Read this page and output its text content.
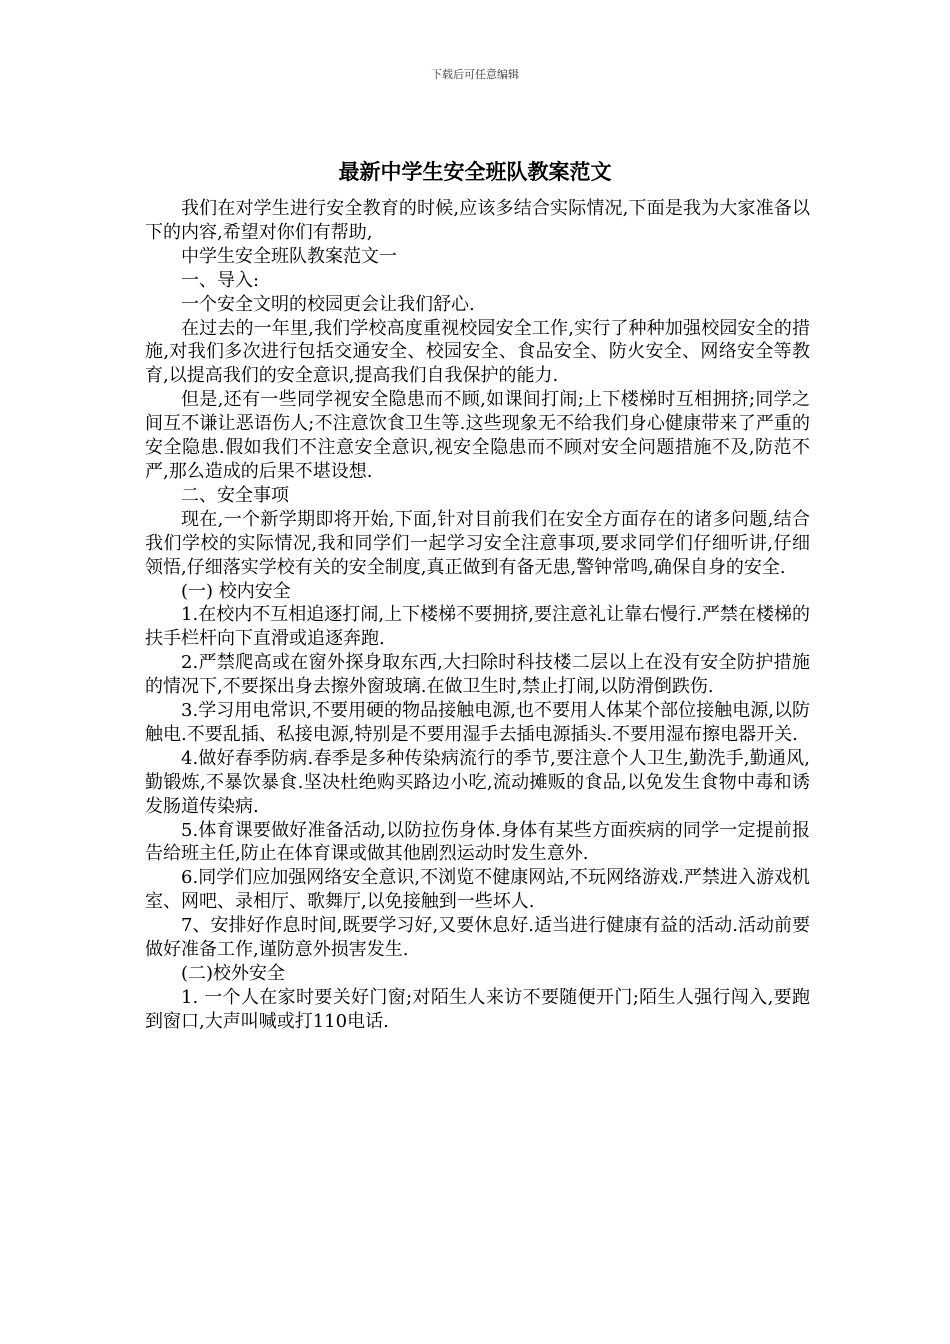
下载后可任意编辑
最新中学生安全班队教案范文

我们在对学生进行安全教育的时候,应该多结合实际情况,下面是我为大家准备以下的内容,希望对你们有帮助,

中学生安全班队教案范文一

一、导入:

一个安全文明的校园更会让我们舒心.

在过去的一年里,我们学校高度重视校园安全工作,实行了种种加强校园安全的措施,对我们多次进行包括交通安全、校园安全、食品安全、防火安全、网络安全等教育,以提高我们的安全意识,提高我们自我保护的能力.

但是,还有一些同学视安全隐患而不顾,如课间打闹;上下楼梯时互相拥挤;同学之间互不谦让恶语伤人;不注意饮食卫生等.这些现象无不给我们身心健康带来了严重的安全隐患.假如我们不注意安全意识,视安全隐患而不顾对安全问题措施不及,防范不严,那么造成的后果不堪设想.

二、安全事项

现在,一个新学期即将开始,下面,针对目前我们在安全方面存在的诸多问题,结合我们学校的实际情况,我和同学们一起学习安全注意事项,要求同学们仔细听讲,仔细领悟,仔细落实学校有关的安全制度,真正做到有备无患,警钟常鸣,确保自身的安全.

(一) 校内安全

1.在校内不互相追逐打闹,上下楼梯不要拥挤,要注意礼让靠右慢行.严禁在楼梯的扶手栏杆向下直滑或追逐奔跑.

2.严禁爬高或在窗外探身取东西,大扫除时科技楼二层以上在没有安全防护措施的情况下,不要探出身去擦外窗玻璃.在做卫生时,禁止打闹,以防滑倒跌伤.

3.学习用电常识,不要用硬的物品接触电源,也不要用人体某个部位接触电源,以防触电.不要乱插、私接电源,特别是不要用湿手去插电源插头.不要用湿布擦电器开关.

4.做好春季防病.春季是多种传染病流行的季节,要注意个人卫生,勤洗手,勤通风,勤锻炼,不暴饮暴食.坚决杜绝购买路边小吃,流动摊贩的食品,以免发生食物中毒和诱发肠道传染病.

5.体育课要做好准备活动,以防拉伤身体.身体有某些方面疾病的同学一定提前报告给班主任,防止在体育课或做其他剧烈运动时发生意外.

6.同学们应加强网络安全意识,不浏览不健康网站,不玩网络游戏.严禁进入游戏机室、网吧、录相厅、歌舞厅,以免接触到一些坏人.

7、安排好作息时间,既要学习好,又要休息好.适当进行健康有益的活动.活动前要做好准备工作,谨防意外损害发生.

(二)校外安全

1. 一个人在家时要关好门窗;对陌生人来访不要随便开门;陌生人强行闯入,要跑到窗口,大声叫喊或打110电话.
